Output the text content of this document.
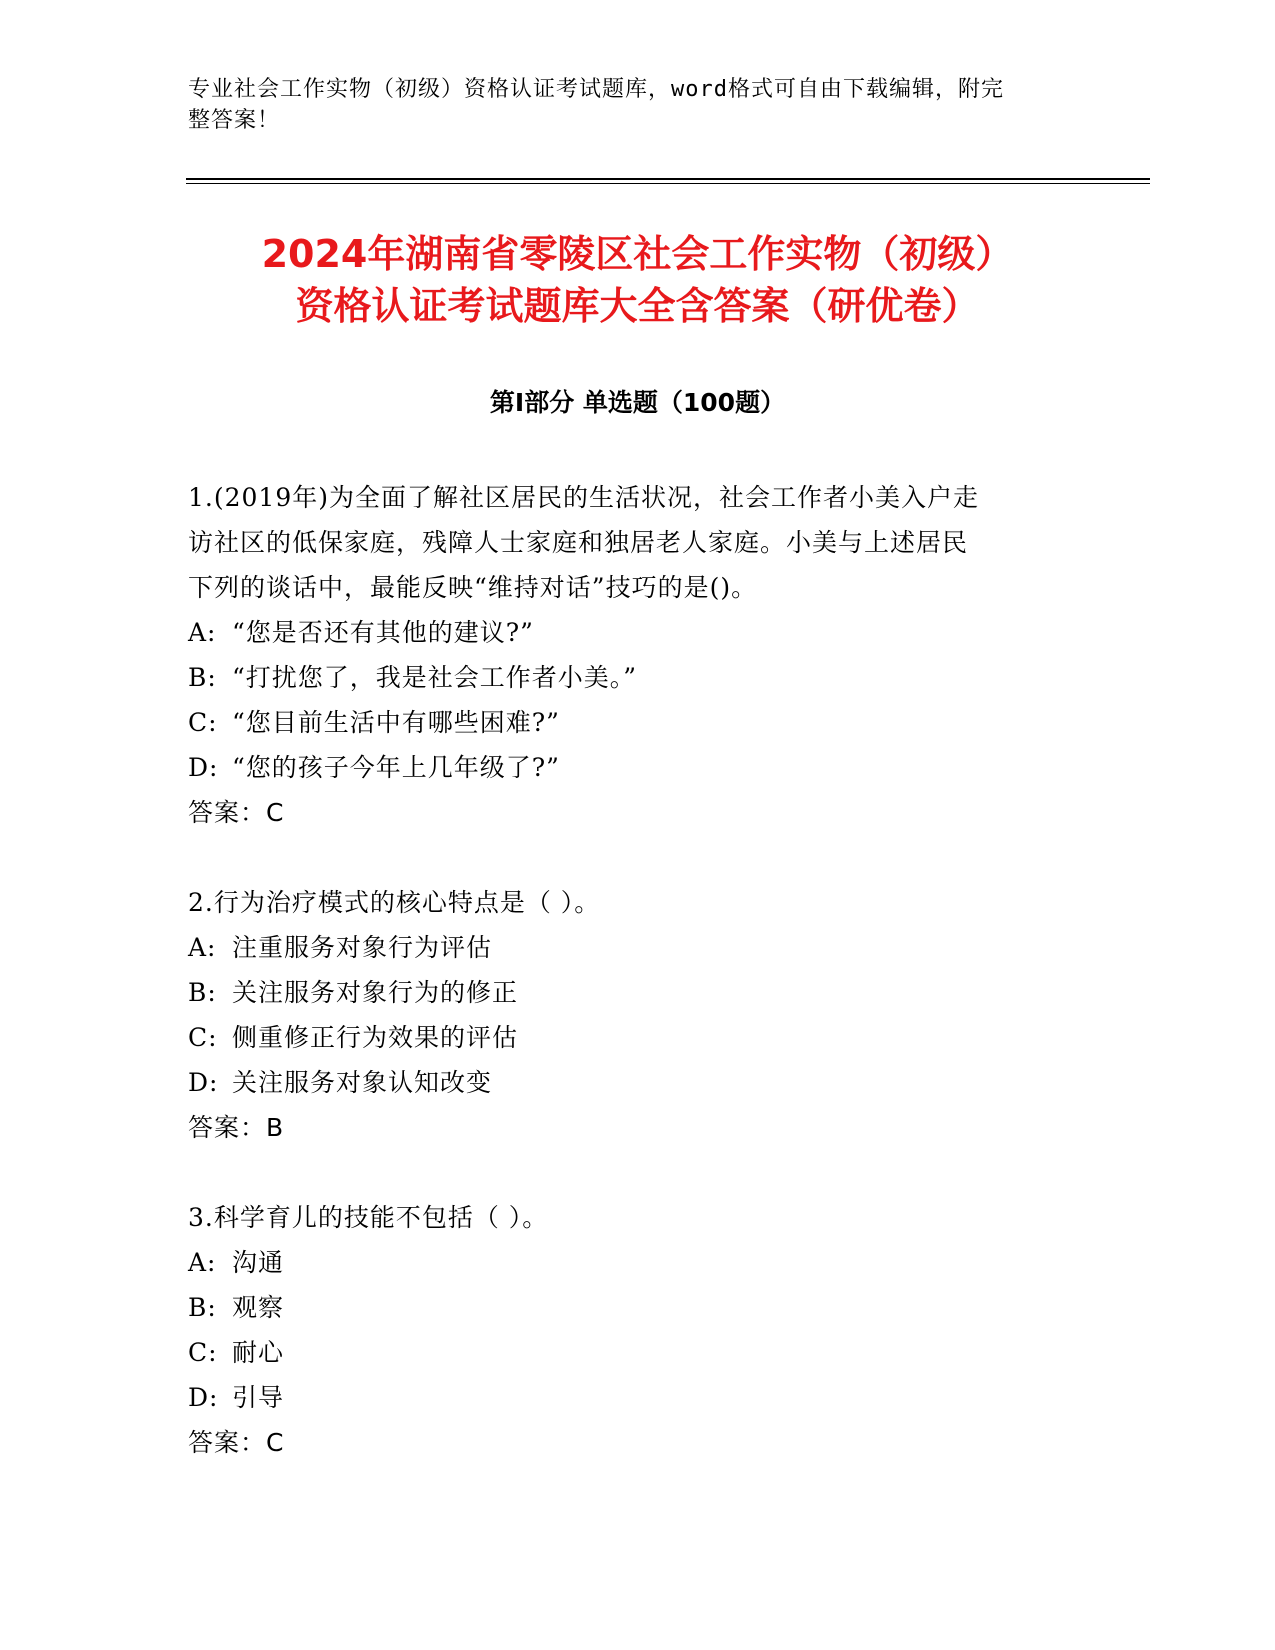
专业社会工作实物（初级）资格认证考试题库，word格式可自由下载编辑，附完
整答案！
2024年湖南省零陵区社会工作实物（初级）
资格认证考试题库大全含答案（研优卷）
第Ⅰ部分 单选题（100题）

1.(2019年)为全面了解社区居民的生活状况，社会工作者小美入户走

访社区的低保家庭，残障人士家庭和独居老人家庭。小美与上述居民

下列的谈话中，最能反映“维持对话”技巧的是()。

A: “您是否还有其他的建议?”

B: “打扰您了，我是社会工作者小美。”

C: “您目前生活中有哪些困难?”

D: “您的孩子今年上几年级了?”

答案：C

2.行为治疗模式的核心特点是（ ）。

A: 注重服务对象行为评估

B: 关注服务对象行为的修正

C: 侧重修正行为效果的评估

D: 关注服务对象认知改变

答案：B

3.科学育儿的技能不包括（ ）。

A: 沟通

B: 观察

C: 耐心

D: 引导

答案：C
